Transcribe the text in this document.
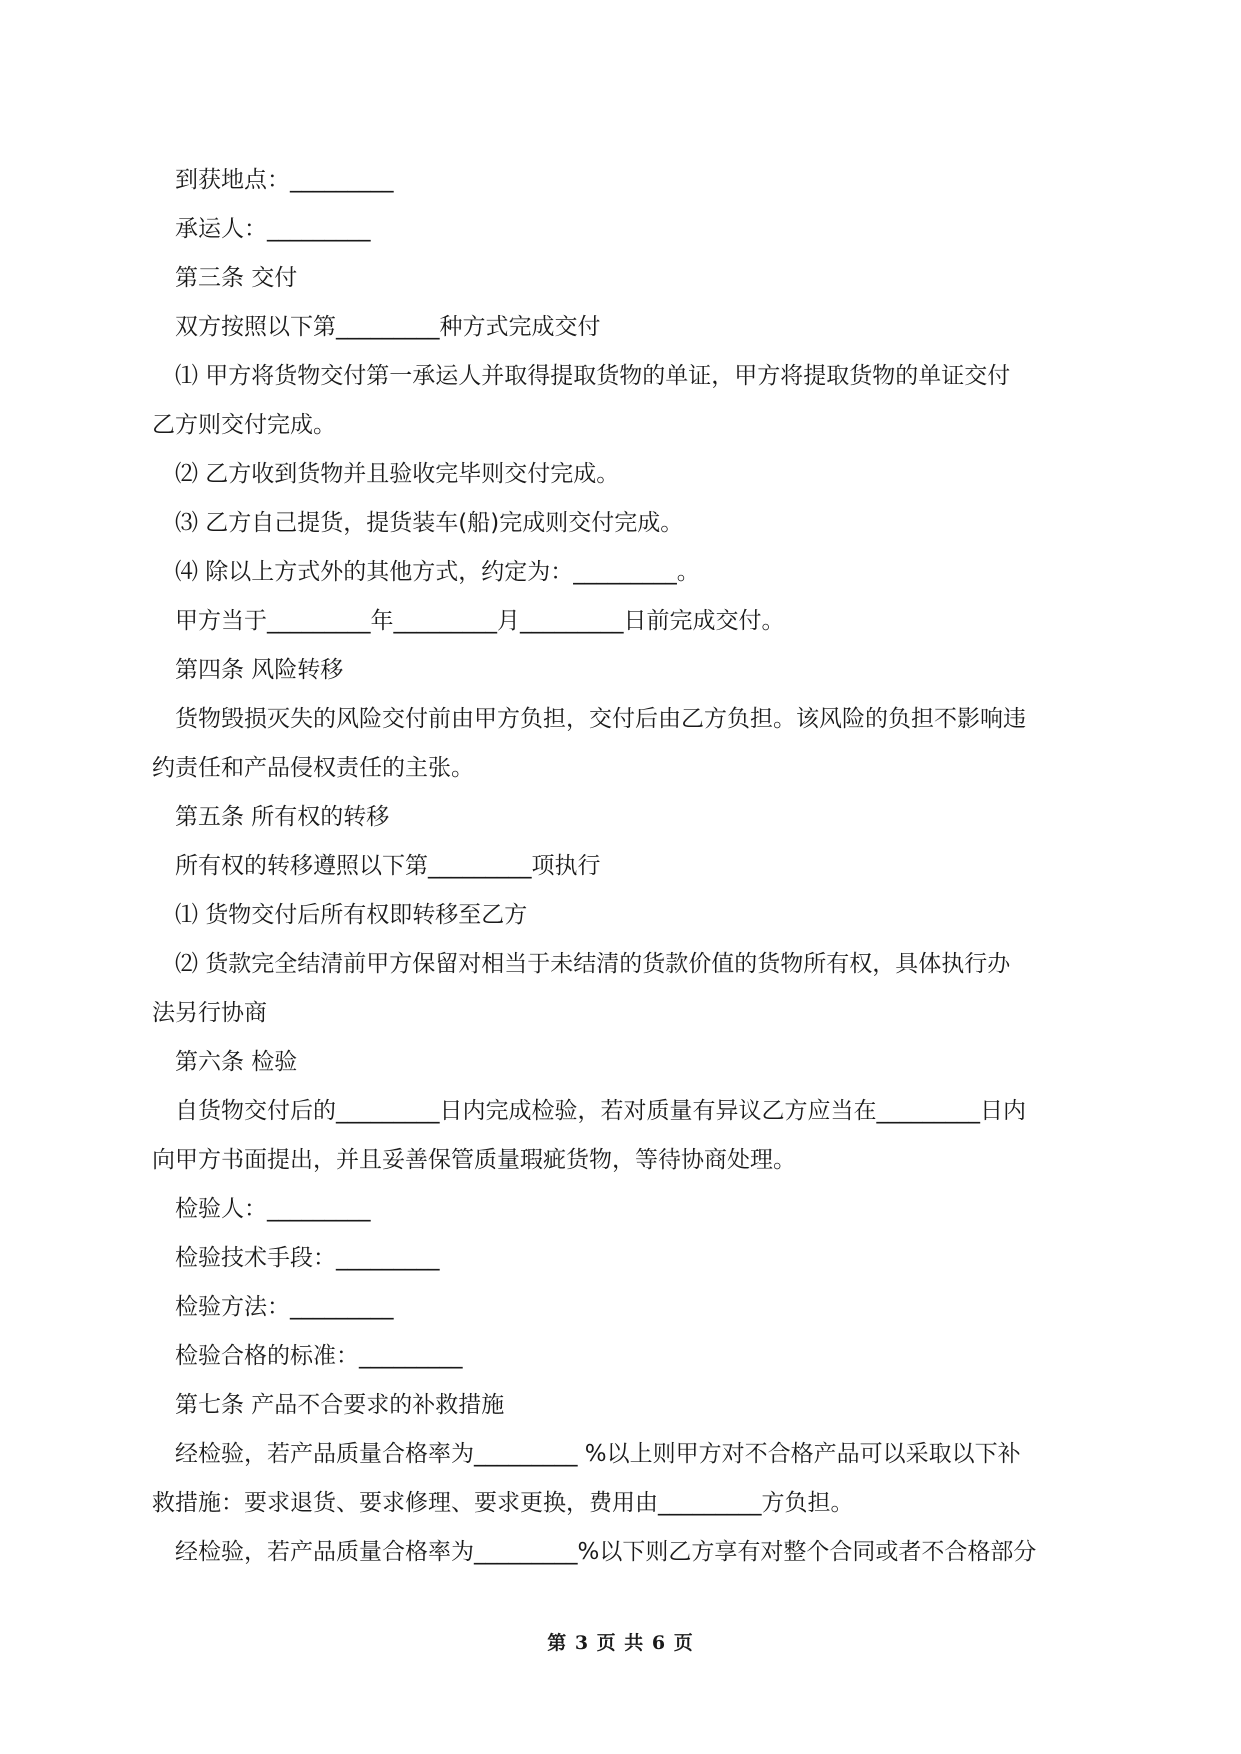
到获地点：_________
承运人：_________
第三条 交付
双方按照以下第_________种方式完成交付
⑴ 甲方将货物交付第一承运人并取得提取货物的单证，甲方将提取货物的单证交付
乙方则交付完成。
⑵ 乙方收到货物并且验收完毕则交付完成。
⑶ 乙方自己提货，提货装车(船)完成则交付完成。
⑷ 除以上方式外的其他方式，约定为：_________。
甲方当于_________年_________月_________日前完成交付。
第四条 风险转移
货物毁损灭失的风险交付前由甲方负担，交付后由乙方负担。该风险的负担不影响违
约责任和产品侵权责任的主张。
第五条 所有权的转移
所有权的转移遵照以下第_________项执行
⑴ 货物交付后所有权即转移至乙方
⑵ 货款完全结清前甲方保留对相当于未结清的货款价值的货物所有权，具体执行办
法另行协商
第六条 检验
自货物交付后的_________日内完成检验，若对质量有异议乙方应当在_________日内
向甲方书面提出，并且妥善保管质量瑕疵货物，等待协商处理。
检验人：_________
检验技术手段：_________
检验方法：_________
检验合格的标准：_________
第七条 产品不合要求的补救措施
经检验，若产品质量合格率为_________ %以上则甲方对不合格产品可以采取以下补
救措施：要求退货、要求修理、要求更换，费用由_________方负担。
经检验，若产品质量合格率为_________%以下则乙方享有对整个合同或者不合格部分
第 3 页 共 6 页
